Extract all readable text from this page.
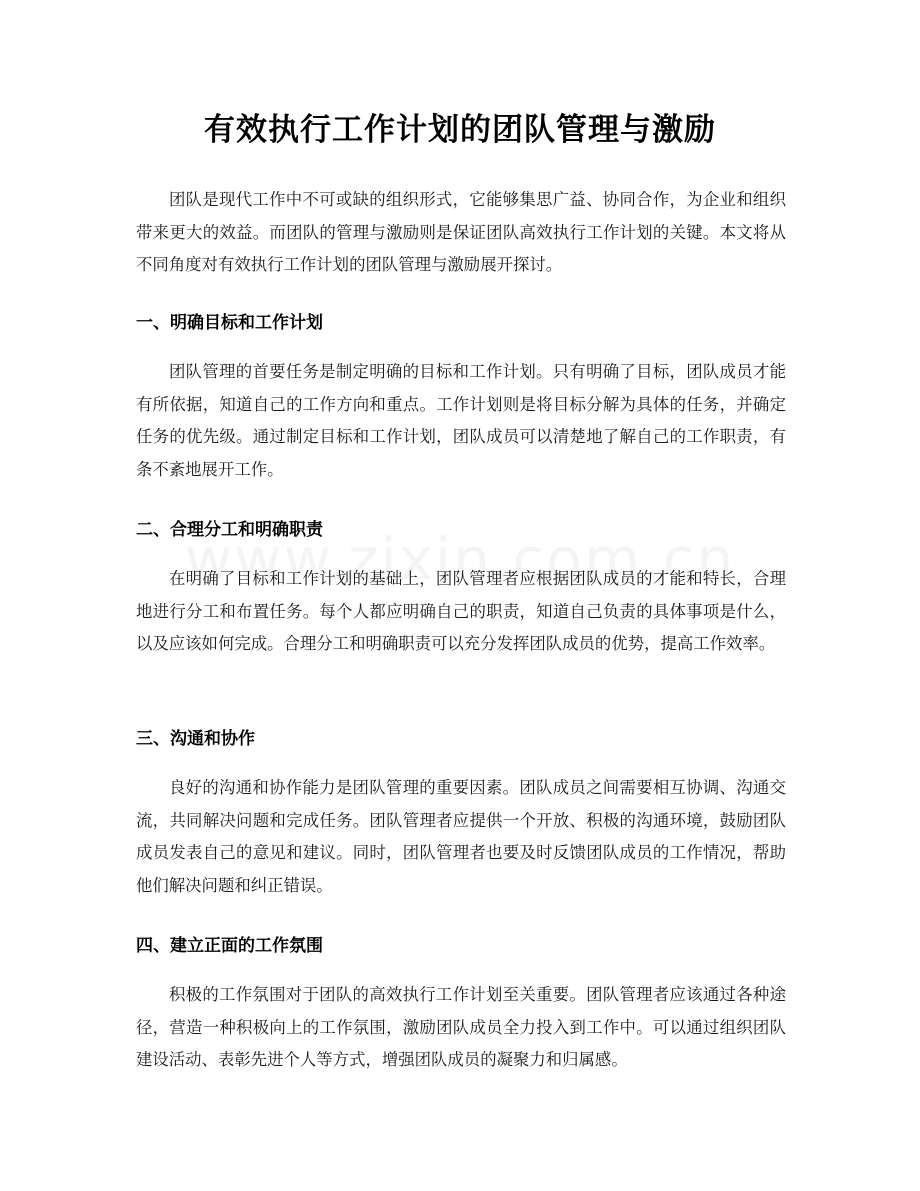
有效执行工作计划的团队管理与激励

团队是现代工作中不可或缺的组织形式，它能够集思广益、协同合作，为企业和组织带来更大的效益。而团队的管理与激励则是保证团队高效执行工作计划的关键。本文将从不同角度对有效执行工作计划的团队管理与激励展开探讨。

一、明确目标和工作计划

团队管理的首要任务是制定明确的目标和工作计划。只有明确了目标，团队成员才能有所依据，知道自己的工作方向和重点。工作计划则是将目标分解为具体的任务，并确定任务的优先级。通过制定目标和工作计划，团队成员可以清楚地了解自己的工作职责，有条不紊地展开工作。

二、合理分工和明确职责

在明确了目标和工作计划的基础上，团队管理者应根据团队成员的才能和特长，合理地进行分工和布置任务。每个人都应明确自己的职责，知道自己负责的具体事项是什么，以及应该如何完成。合理分工和明确职责可以充分发挥团队成员的优势，提高工作效率。

三、沟通和协作

良好的沟通和协作能力是团队管理的重要因素。团队成员之间需要相互协调、沟通交流，共同解决问题和完成任务。团队管理者应提供一个开放、积极的沟通环境，鼓励团队成员发表自己的意见和建议。同时，团队管理者也要及时反馈团队成员的工作情况，帮助他们解决问题和纠正错误。

四、建立正面的工作氛围

积极的工作氛围对于团队的高效执行工作计划至关重要。团队管理者应该通过各种途径，营造一种积极向上的工作氛围，激励团队成员全力投入到工作中。可以通过组织团队建设活动、表彰先进个人等方式，增强团队成员的凝聚力和归属感。
